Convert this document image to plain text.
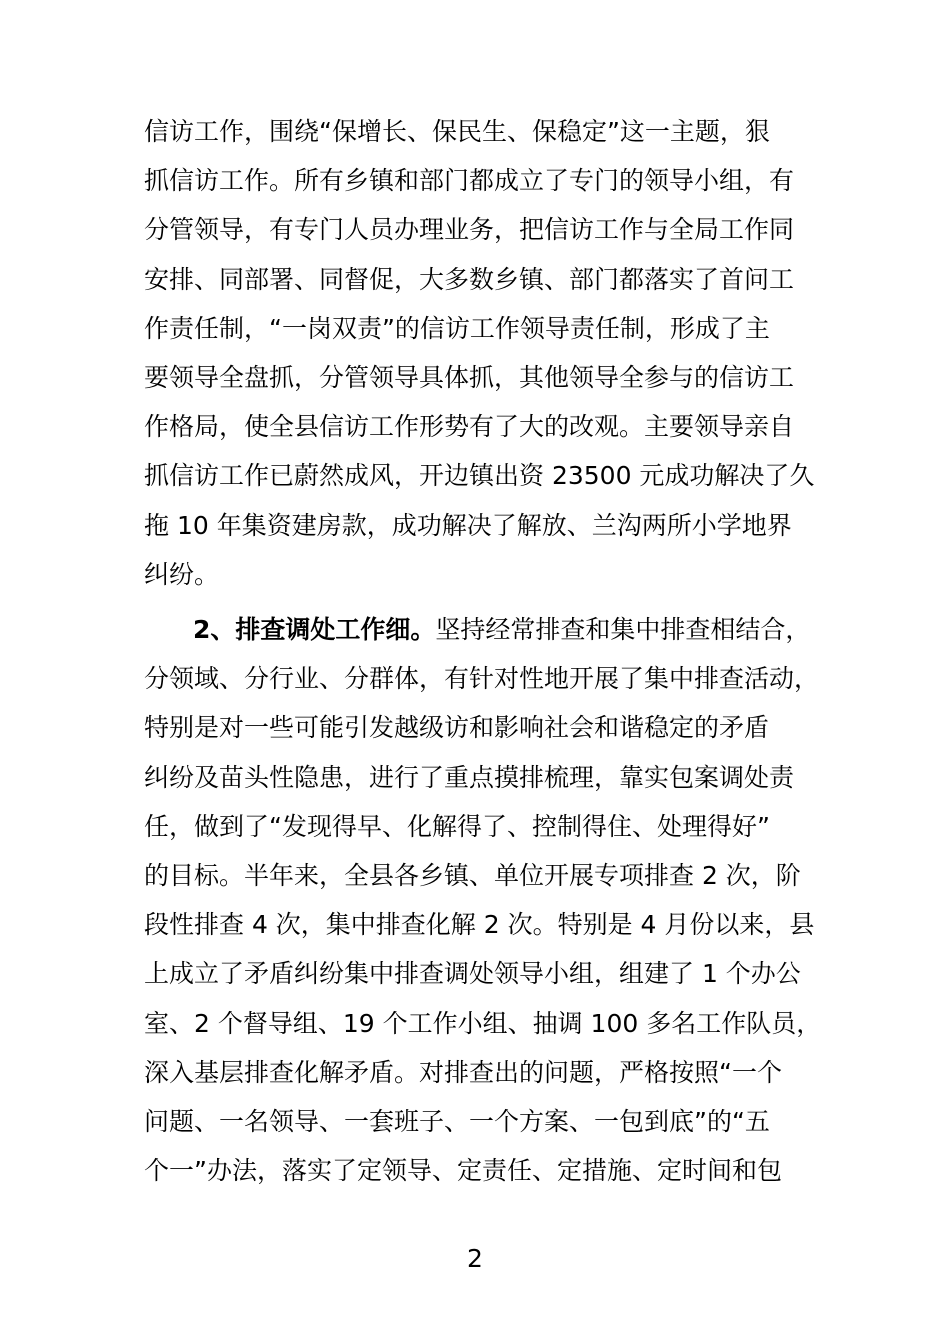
信访工作，围绕“保增长、保民生、保稳定”这一主题，狠
抓信访工作。所有乡镇和部门都成立了专门的领导小组，有
分管领导，有专门人员办理业务，把信访工作与全局工作同
安排、同部署、同督促，大多数乡镇、部门都落实了首问工
作责任制，“一岗双责”的信访工作领导责任制，形成了主
要领导全盘抓，分管领导具体抓，其他领导全参与的信访工
作格局，使全县信访工作形势有了大的改观。主要领导亲自
抓信访工作已蔚然成风，开边镇出资 23500 元成功解决了久
拖 10 年集资建房款，成功解决了解放、兰沟两所小学地界
纠纷。
2、排查调处工作细。坚持经常排查和集中排查相结合，
分领域、分行业、分群体，有针对性地开展了集中排查活动，
特别是对一些可能引发越级访和影响社会和谐稳定的矛盾
纠纷及苗头性隐患，进行了重点摸排梳理，靠实包案调处责
任，做到了“发现得早、化解得了、控制得住、处理得好”
的目标。半年来，全县各乡镇、单位开展专项排查 2 次，阶
段性排查 4 次，集中排查化解 2 次。特别是 4 月份以来，县
上成立了矛盾纠纷集中排查调处领导小组，组建了 1 个办公
室、2 个督导组、19 个工作小组、抽调 100 多名工作队员，
深入基层排查化解矛盾。对排查出的问题，严格按照“一个
问题、一名领导、一套班子、一个方案、一包到底”的“五
个一”办法，落实了定领导、定责任、定措施、定时间和包
2
